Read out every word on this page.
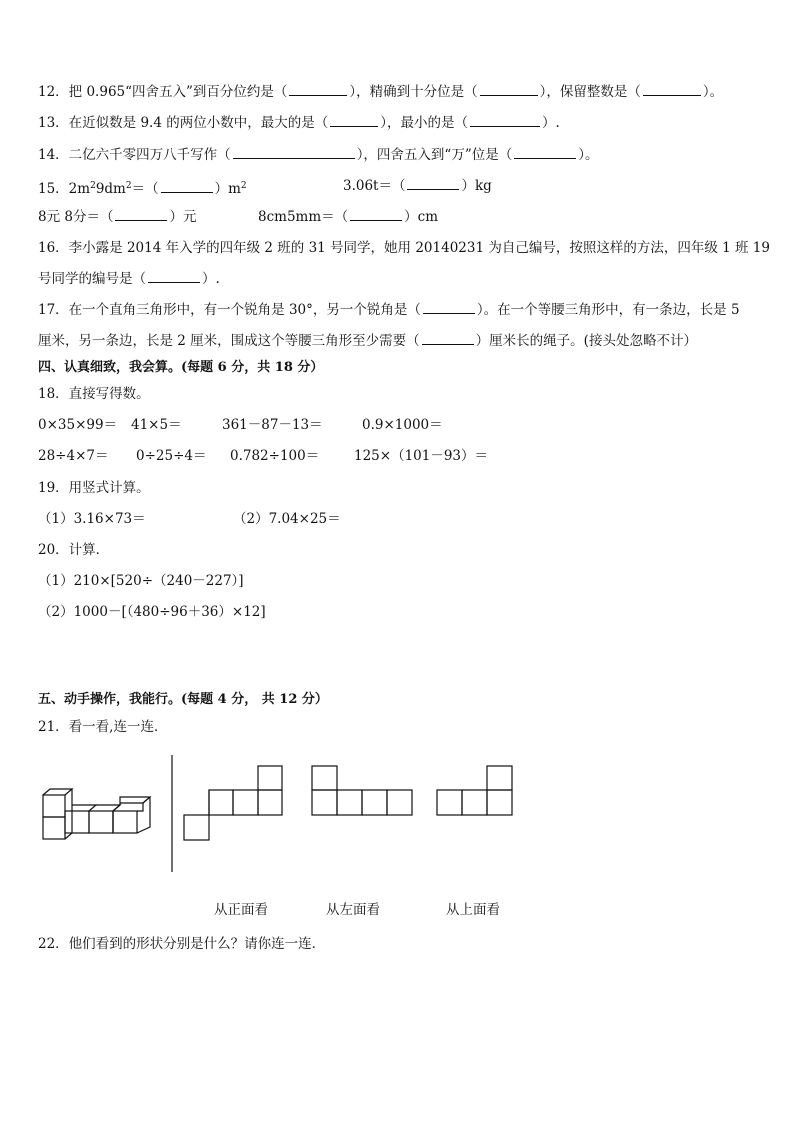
12．把 0.965“四舍五入”到百分位约是（	），精确到十分位是（	），保留整数是（	）。
13．在近似数是 9.4 的两位小数中，最大的是（	），最小的是（	）.
14．二亿六千零四万八千写作（	），四舍五入到“万”位是（	）。
15．$2m^29dm^2=$（	）$m^2$	3.06t＝（	）kg
8元 8分＝（	）元	8cm5mm＝（	）cm
16．李小露是 2014 年入学的四年级 2 班的 31 号同学，她用 20140231 为自己编号，按照这样的方法，四年级 1 班 19
号同学的编号是（	）.
17．在一个直角三角形中，有一个锐角是 30°，另一个锐角是（	）。在一个等腰三角形中，有一条边，长是 5
厘米，另一条边，长是 2 厘米，围成这个等腰三角形至少需要（	）厘米长的绳子。(接头处忽略不计）
四、认真细致，我会算。(每题 6 分，共 18 分）
18．直接写得数。
0×35×99＝ 41×5＝	361－87－13＝	0.9×1000＝
28÷4×7＝ 0÷25÷4＝ 0.782÷100＝	125×（101－93）＝
19．用竖式计算。
（1）3.16×73＝	（2）7.04×25＝
20．计算．
（1）210×[520÷（240－227）]
（2）1000－[（480÷96＋36）×12]
五、动手操作，我能行。(每题 4 分， 共 12 分）
21．看一看,连一连．
从正面看	从左面看	从上面看
22．他们看到的形状分别是什么？请你连一连．
